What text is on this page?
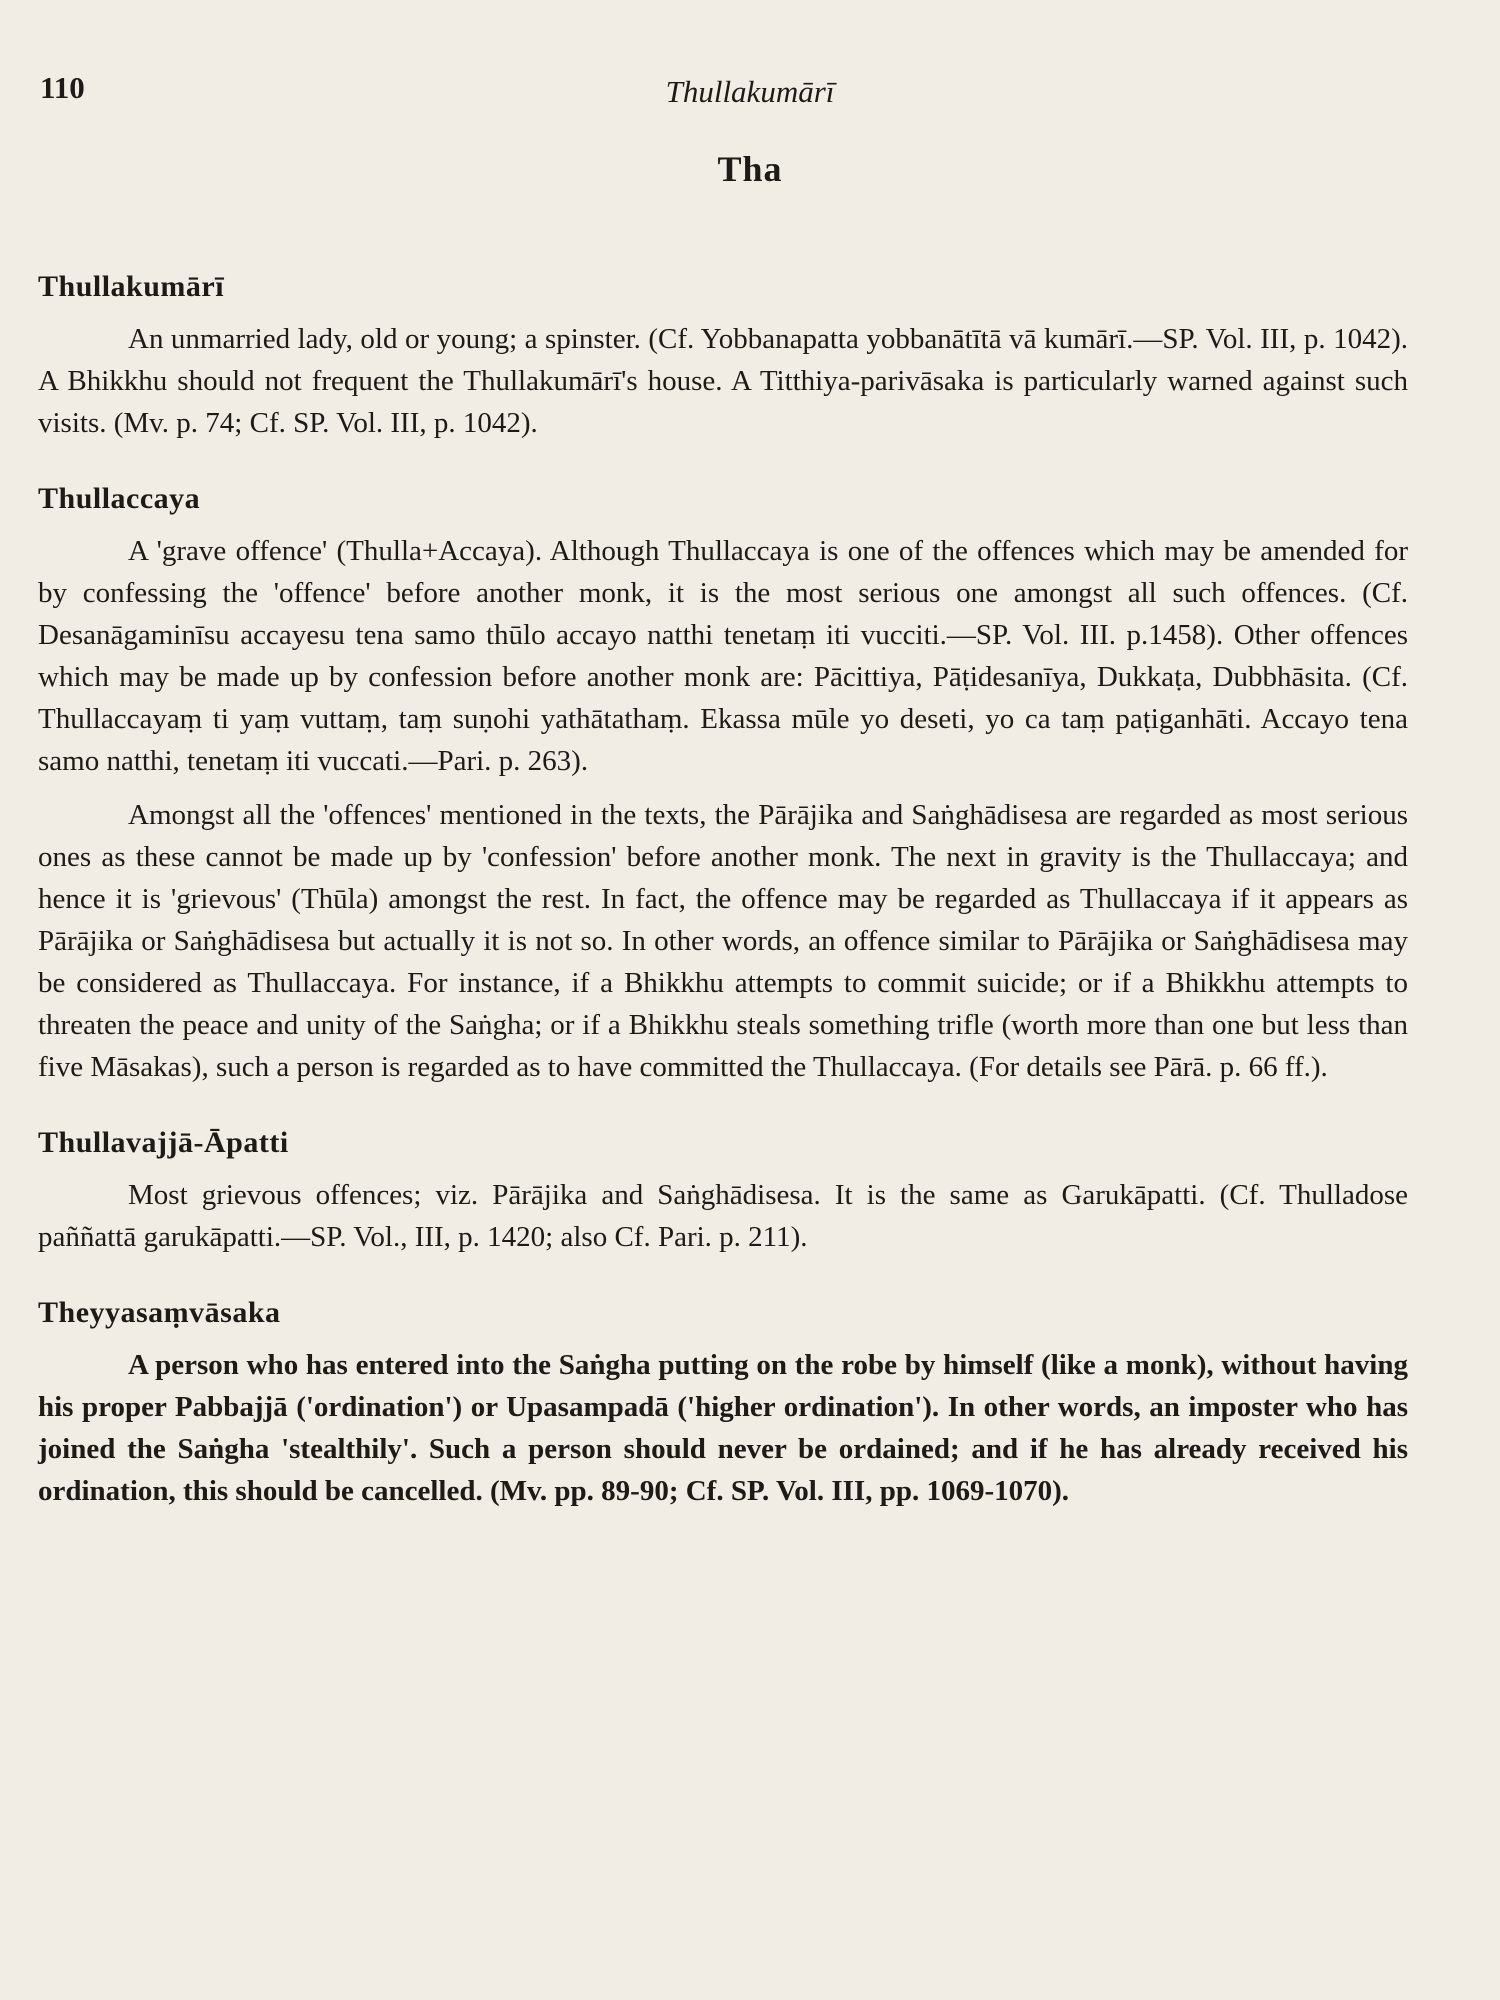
110	Thullakumārī
Tha
Thullakumārī

An unmarried lady, old or young; a spinster. (Cf. Yobbanapatta yobbanātītā vā kumārī.—SP. Vol. III, p. 1042). A Bhikkhu should not frequent the Thullakumārī's house. A Titthiya-parivāsaka is particularly warned against such visits. (Mv. p. 74; Cf. SP. Vol. III, p. 1042).

Thullaccaya

A 'grave offence' (Thulla+Accaya). Although Thullaccaya is one of the offences which may be amended for by confessing the 'offence' before another monk, it is the most serious one amongst all such offences. (Cf. Desanāgaminīsu accayesu tena samo thūlo accayo natthi tenetaṃ iti vucciti.—SP. Vol. III. p.1458). Other offences which may be made up by confession before another monk are: Pācittiya, Pāṭidesanīya, Dukkaṭa, Dubbhāsita. (Cf. Thullaccayaṃ ti yaṃ vuttaṃ, taṃ suṇohi yathātathaṃ. Ekassa mūle yo deseti, yo ca taṃ paṭiganhāti. Accayo tena samo natthi, tenetaṃ iti vuccati.—Pari. p. 263).

Amongst all the 'offences' mentioned in the texts, the Pārājika and Saṅghādisesa are regarded as most serious ones as these cannot be made up by 'confession' before another monk. The next in gravity is the Thullaccaya; and hence it is 'grievous' (Thūla) amongst the rest. In fact, the offence may be regarded as Thullaccaya if it appears as Pārājika or Saṅghādisesa but actually it is not so. In other words, an offence similar to Pārājika or Saṅghādisesa may be considered as Thullaccaya. For instance, if a Bhikkhu attempts to commit suicide; or if a Bhikkhu attempts to threaten the peace and unity of the Saṅgha; or if a Bhikkhu steals something trifle (worth more than one but less than five Māsakas), such a person is regarded as to have committed the Thullaccaya. (For details see Pārā. p. 66 ff.).

Thullavajjā-Āpatti

Most grievous offences; viz. Pārājika and Saṅghādisesa. It is the same as Garukāpatti. (Cf. Thulladose paññattā garukāpatti.—SP. Vol., III, p. 1420; also Cf. Pari. p. 211).

Theyyasaṃvāsaka

A person who has entered into the Saṅgha putting on the robe by himself (like a monk), without having his proper Pabbajjā ('ordination') or Upasampadā ('higher ordination'). In other words, an imposter who has joined the Saṅgha 'stealthily'. Such a person should never be ordained; and if he has already received his ordination, this should be cancelled. (Mv. pp. 89-90; Cf. SP. Vol. III, pp. 1069-1070).
